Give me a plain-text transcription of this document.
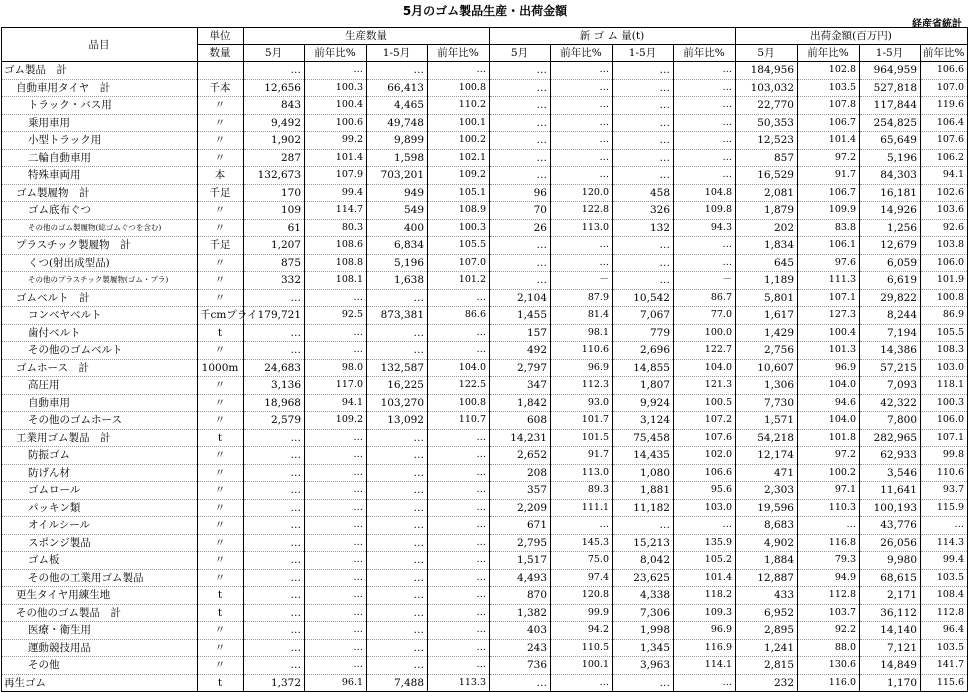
5月のゴム製品生産・出荷金額
経産省統計
品目	単位	生産数量				新 ゴ ム 量(t)				出荷金額(百万円)			
	数量	5月	前年比%	1-5月	前年比%	5月	前年比%	1-5月	前年比%	5月	前年比%	1-5月	前年比%
ゴム製品　計		…	…	…	…	…	…	…	…	184,956	102.8	964,959	106.6
自動車用タイヤ　計	千本	12,656	100.3	66,413	100.8	…	…	…	…	103,032	103.5	527,818	107.0
トラック・バス用	〃	843	100.4	4,465	110.2	…	…	…	…	22,770	107.8	117,844	119.6
乗用車用	〃	9,492	100.6	49,748	100.1	…	…	…	…	50,353	106.7	254,825	106.4
小型トラック用	〃	1,902	99.2	9,899	100.2	…	…	…	…	12,523	101.4	65,649	107.6
二輪自動車用	〃	287	101.4	1,598	102.1	…	…	…	…	857	97.2	5,196	106.2
特殊車両用	本	132,673	107.9	703,201	109.2	…	…	…	…	16,529	91.7	84,303	94.1
ゴム製履物　計	千足	170	99.4	949	105.1	96	120.0	458	104.8	2,081	106.7	16,181	102.6
ゴム底布ぐつ	〃	109	114.7	549	108.9	70	122.8	326	109.8	1,879	109.9	14,926	103.6
その他のゴム製履物(総ゴムぐつを含む)	〃	61	80.3	400	100.3	26	113.0	132	94.3	202	83.8	1,256	92.6
プラスチック製履物　計	千足	1,207	108.6	6,834	105.5	…	…	…	…	1,834	106.1	12,679	103.8
くつ(射出成型品)	〃	875	108.8	5,196	107.0	…	…	…	…	645	97.6	6,059	106.0
その他のプラスチック製履物(ゴム・プラ)	〃	332	108.1	1,638	101.2	…	－	…	－	1,189	111.3	6,619	101.9
ゴムベルト　計	〃	…	…	…	…	2,104	87.9	10,542	86.7	5,801	107.1	29,822	100.8
コンベヤベルト	千cmプライ	179,721	92.5	873,381	86.6	1,455	81.4	7,067	77.0	1,617	127.3	8,244	86.9
歯付ベルト	t	…	…	…	…	157	98.1	779	100.0	1,429	100.4	7,194	105.5
その他のゴムベルト	〃	…	…	…	…	492	110.6	2,696	122.7	2,756	101.3	14,386	108.3
ゴムホース　計	1000m	24,683	98.0	132,587	104.0	2,797	96.9	14,855	104.0	10,607	96.9	57,215	103.0
高圧用	〃	3,136	117.0	16,225	122.5	347	112.3	1,807	121.3	1,306	104.0	7,093	118.1
自動車用	〃	18,968	94.1	103,270	100.8	1,842	93.0	9,924	100.5	7,730	94.6	42,322	100.3
その他のゴムホース	〃	2,579	109.2	13,092	110.7	608	101.7	3,124	107.2	1,571	104.0	7,800	106.0
工業用ゴム製品　計	t	…	…	…	…	14,231	101.5	75,458	107.6	54,218	101.8	282,965	107.1
防振ゴム	〃	…	…	…	…	2,652	91.7	14,435	102.0	12,174	97.2	62,933	99.8
防げん材	〃	…	…	…	…	208	113.0	1,080	106.6	471	100.2	3,546	110.6
ゴムロール	〃	…	…	…	…	357	89.3	1,881	95.6	2,303	97.1	11,641	93.7
パッキン類	〃	…	…	…	…	2,209	111.1	11,182	103.0	19,596	110.3	100,193	115.9
オイルシール	〃	…	…	…	…	671	…	…	…	8,683	…	43,776	…
スポンジ製品	〃	…	…	…	…	2,795	145.3	15,213	135.9	4,902	116.8	26,056	114.3
ゴム板	〃	…	…	…	…	1,517	75.0	8,042	105.2	1,884	79.3	9,980	99.4
その他の工業用ゴム製品	〃	…	…	…	…	4,493	97.4	23,625	101.4	12,887	94.9	68,615	103.5
更生タイヤ用練生地	t	…	…	…	…	870	120.8	4,338	118.2	433	112.8	2,171	108.4
その他のゴム製品　計	t	…	…	…	…	1,382	99.9	7,306	109.3	6,952	103.7	36,112	112.8
医療・衛生用	〃	…	…	…	…	403	94.2	1,998	96.9	2,895	92.2	14,140	96.4
運動競技用品	〃	…	…	…	…	243	110.5	1,345	116.9	1,241	88.0	7,121	103.5
その他	〃	…	…	…	…	736	100.1	3,963	114.1	2,815	130.6	14,849	141.7
再生ゴム	t	1,372	96.1	7,488	113.3	…	…	…	…	232	116.0	1,170	115.6
